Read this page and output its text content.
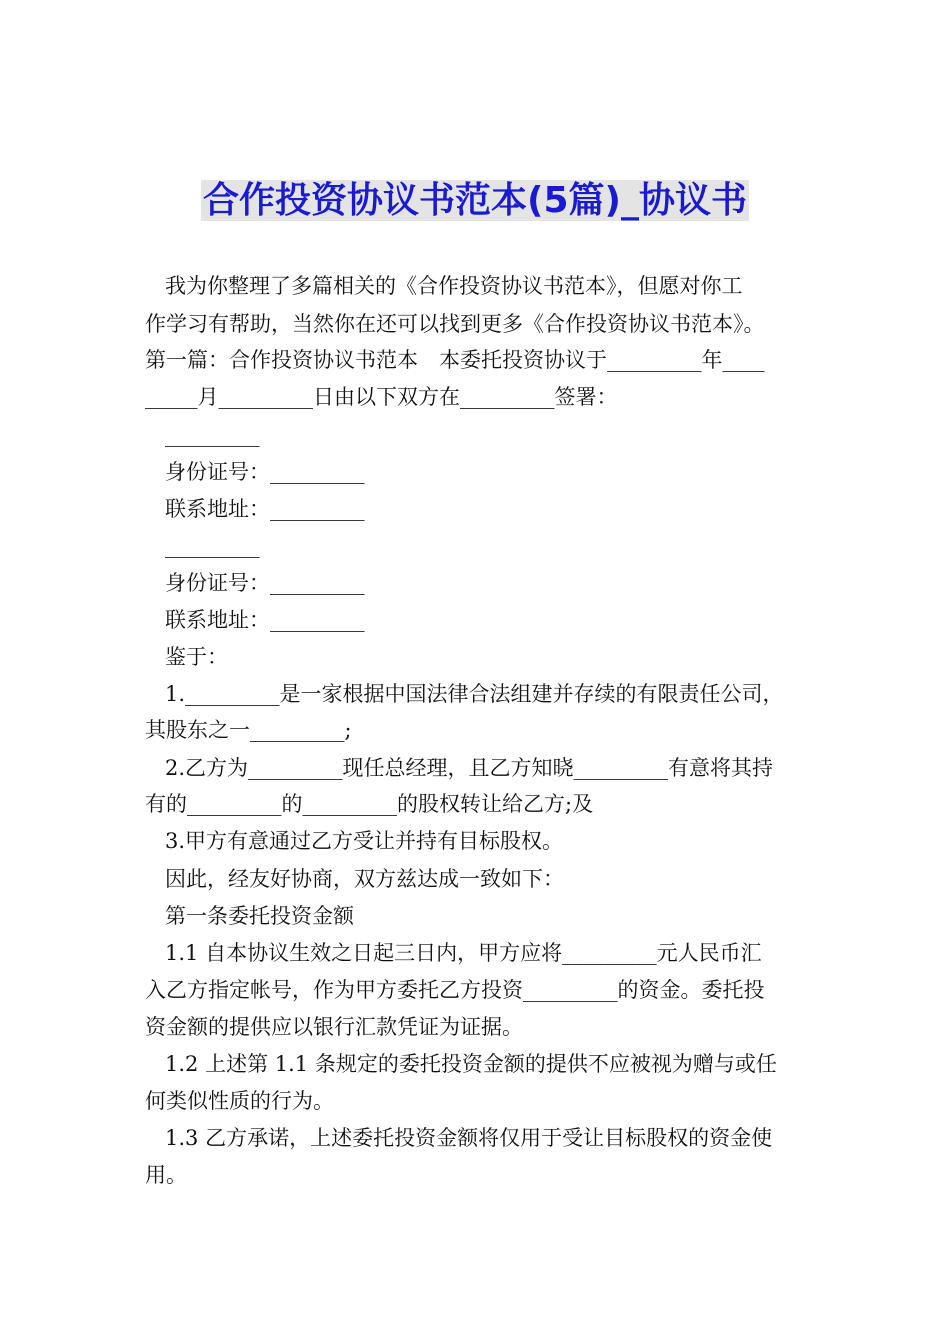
合作投资协议书范本(5篇)_协议书
我为你整理了多篇相关的《合作投资协议书范本》，但愿对你工
作学习有帮助，当然你在还可以找到更多《合作投资协议书范本》。
第一篇：合作投资协议书范本　本委托投资协议于_________年____
_____月_________日由以下双方在_________签署：
_________
身份证号：_________
联系地址：_________
_________
身份证号：_________
联系地址：_________
鉴于：
1._________是一家根据中国法律合法组建并存续的有限责任公司，
其股东之一_________;
2.乙方为_________现任总经理，且乙方知晓_________有意将其持
有的_________的_________的股权转让给乙方;及
3.甲方有意通过乙方受让并持有目标股权。
因此，经友好协商，双方兹达成一致如下：
第一条委托投资金额
1.1 自本协议生效之日起三日内，甲方应将_________元人民币汇
入乙方指定帐号，作为甲方委托乙方投资_________的资金。委托投
资金额的提供应以银行汇款凭证为证据。
1.2 上述第 1.1 条规定的委托投资金额的提供不应被视为赠与或任
何类似性质的行为。
1.3 乙方承诺，上述委托投资金额将仅用于受让目标股权的资金使
用。
